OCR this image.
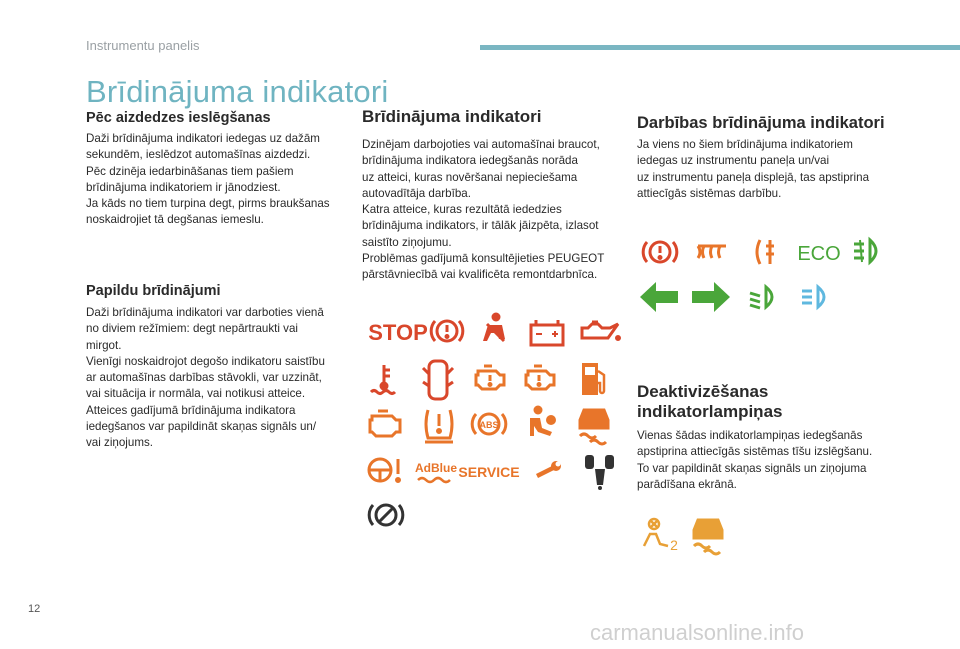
Instrumentu panelis
Brīdinājuma indikatori
Pēc aizdedzes ieslēgšanas

Daži brīdinājuma indikatori iedegas uz dažām

sekundēm, ieslēdzot automašīnas aizdedzi.

Pēc dzinēja iedarbināšanas tiem pašiem

brīdinājuma indikatoriem ir jānodziest.

Ja kāds no tiem turpina degt, pirms braukšanas

noskaidrojiet tā degšanas iemeslu.

Papildu brīdinājumi

Daži brīdinājuma indikatori var darboties vienā

no diviem režīmiem: degt nepārtraukti vai

mirgot.

Vienīgi noskaidrojot degošo indikatoru saistību

ar automašīnas darbības stāvokli, var uzzināt,

vai situācija ir normāla, vai notikusi atteice.

Atteices gadījumā brīdinājuma indikatora

iedegšanos var papildināt skaņas signāls un/

vai ziņojums.

Brīdinājuma indikatori

Dzinējam darbojoties vai automašīnai braucot,

brīdinājuma indikatora iedegšanās norāda

uz atteici, kuras novēršanai nepieciešama

autovadītāja darbība.

Katra atteice, kuras rezultātā iededzies

brīdinājuma indikators, ir tālāk jāizpēta, izlasot

saistīto ziņojumu.

Problēmas gadījumā konsultējieties PEUGEOT

pārstāvniecībā vai kvalificēta remontdarbnīca.

STOP
ABS
AdBlue SERVICE
Darbības brīdinājuma indikatori

Ja viens no šiem brīdinājuma indikatoriem

iedegas uz instrumentu paneļa un/vai

uz instrumentu paneļa displejā, tas apstiprina

attiecīgās sistēmas darbību.

ECO
Deaktivizēšanas
indikatorlampiņas

Vienas šādas indikatorlampiņas iedegšanās

apstiprina attiecīgās sistēmas tīšu izslēgšanu.

To var papildināt skaņas signāls un ziņojuma

parādīšana ekrānā.

2
12
carmanualsonline.info
